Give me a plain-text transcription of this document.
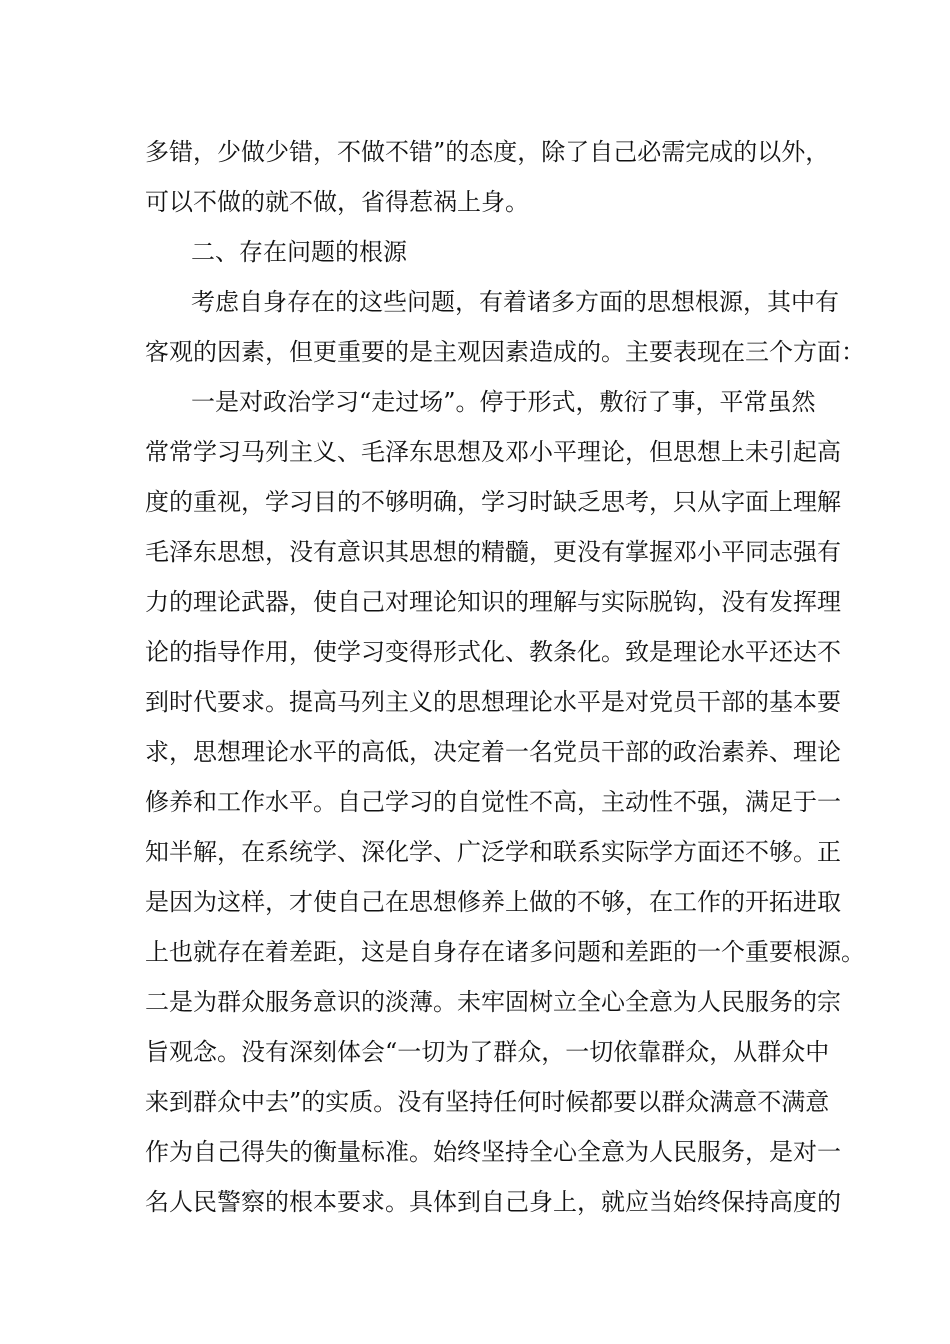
多错，少做少错，不做不错”的态度，除了自己必需完成的以外，
可以不做的就不做，省得惹祸上身。
二、存在问题的根源
考虑自身存在的这些问题，有着诸多方面的思想根源，其中有
客观的因素，但更重要的是主观因素造成的。主要表现在三个方面：
一是对政治学习“走过场”。停于形式，敷衍了事，平常虽然
常常学习马列主义、毛泽东思想及邓小平理论，但思想上未引起高
度的重视，学习目的不够明确，学习时缺乏思考，只从字面上理解
毛泽东思想，没有意识其思想的精髓，更没有掌握邓小平同志强有
力的理论武器，使自己对理论知识的理解与实际脱钩，没有发挥理
论的指导作用，使学习变得形式化、教条化。致是理论水平还达不
到时代要求。提高马列主义的思想理论水平是对党员干部的基本要
求，思想理论水平的高低，决定着一名党员干部的政治素养、理论
修养和工作水平。自己学习的自觉性不高，主动性不强，满足于一
知半解，在系统学、深化学、广泛学和联系实际学方面还不够。正
是因为这样，才使自己在思想修养上做的不够，在工作的开拓进取
上也就存在着差距，这是自身存在诸多问题和差距的一个重要根源。
二是为群众服务意识的淡薄。未牢固树立全心全意为人民服务的宗
旨观念。没有深刻体会“一切为了群众，一切依靠群众，从群众中
来到群众中去”的实质。没有坚持任何时候都要以群众满意不满意
作为自己得失的衡量标准。始终坚持全心全意为人民服务，是对一
名人民警察的根本要求。具体到自己身上，就应当始终保持高度的
